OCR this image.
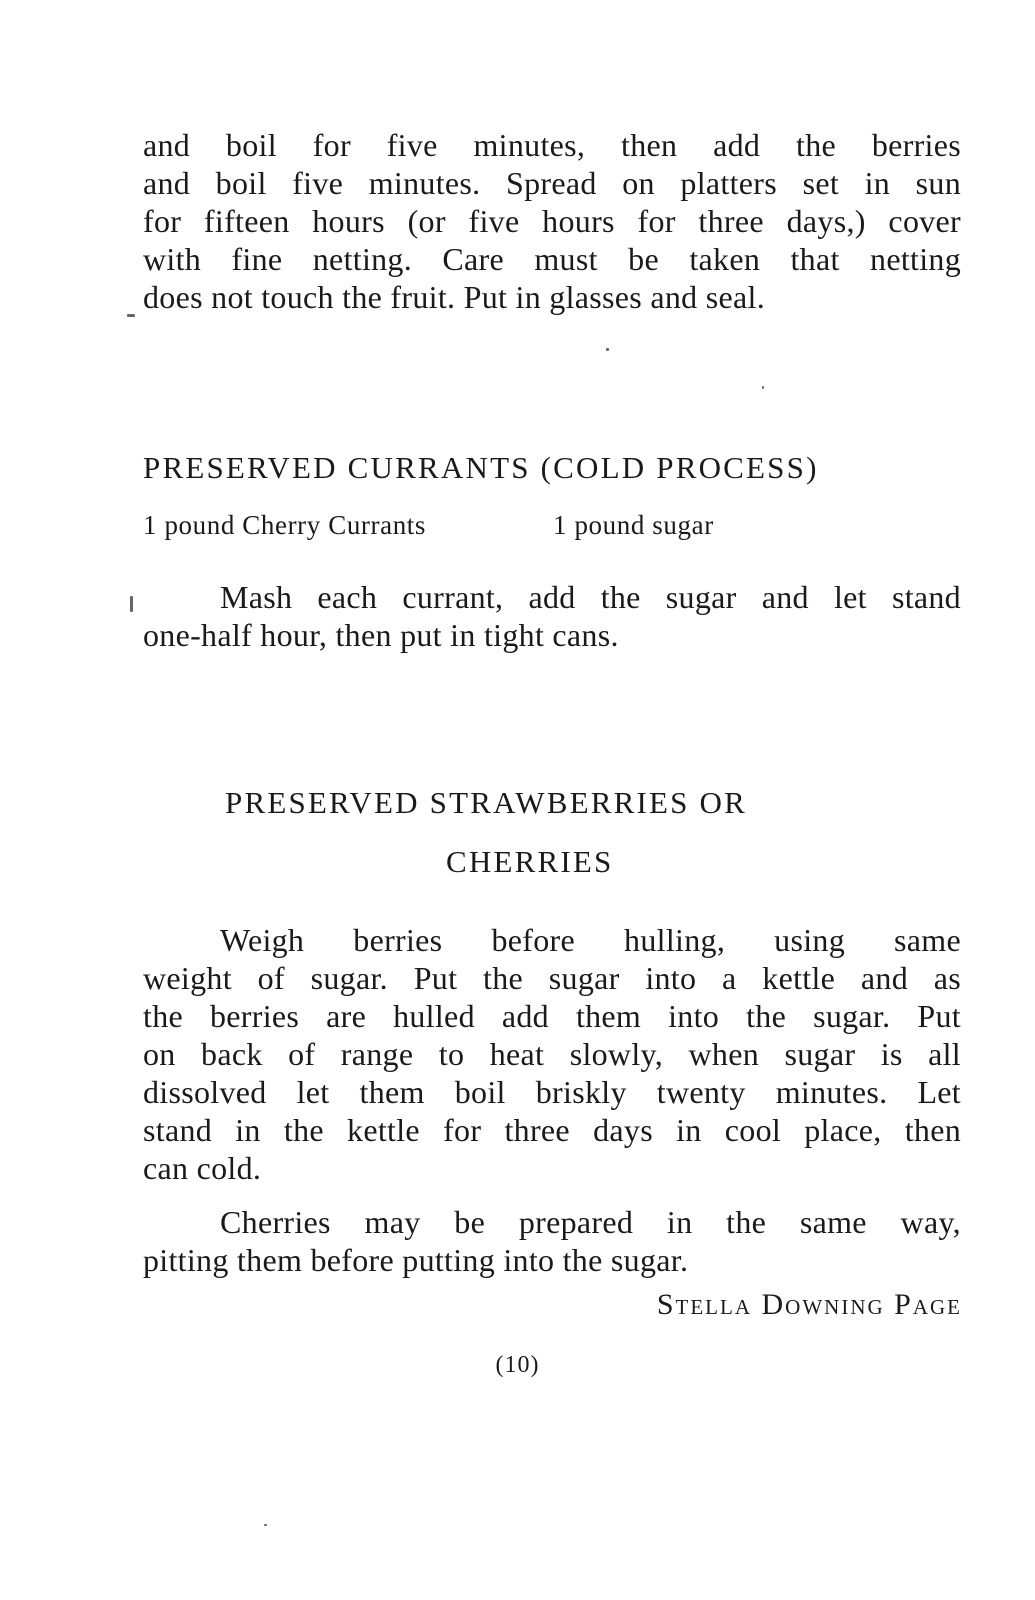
and boil for five minutes, then add the berries
and boil five minutes. Spread on platters set in sun
for fifteen hours (or five hours for three days,) cover
with fine netting. Care must be taken that netting
does not touch the fruit. Put in glasses and seal.
PRESERVED CURRANTS (COLD PROCESS)
1 pound Cherry Currants	1 pound sugar
Mash each currant, add the sugar and let stand
one-half hour, then put in tight cans.
PRESERVED STRAWBERRIES OR
CHERRIES
Weigh berries before hulling, using same
weight of sugar. Put the sugar into a kettle and as
the berries are hulled add them into the sugar. Put
on back of range to heat slowly, when sugar is all
dissolved let them boil briskly twenty minutes. Let
stand in the kettle for three days in cool place, then
can cold.
Cherries may be prepared in the same way,
pitting them before putting into the sugar.
Stella Downing Page
(10)
